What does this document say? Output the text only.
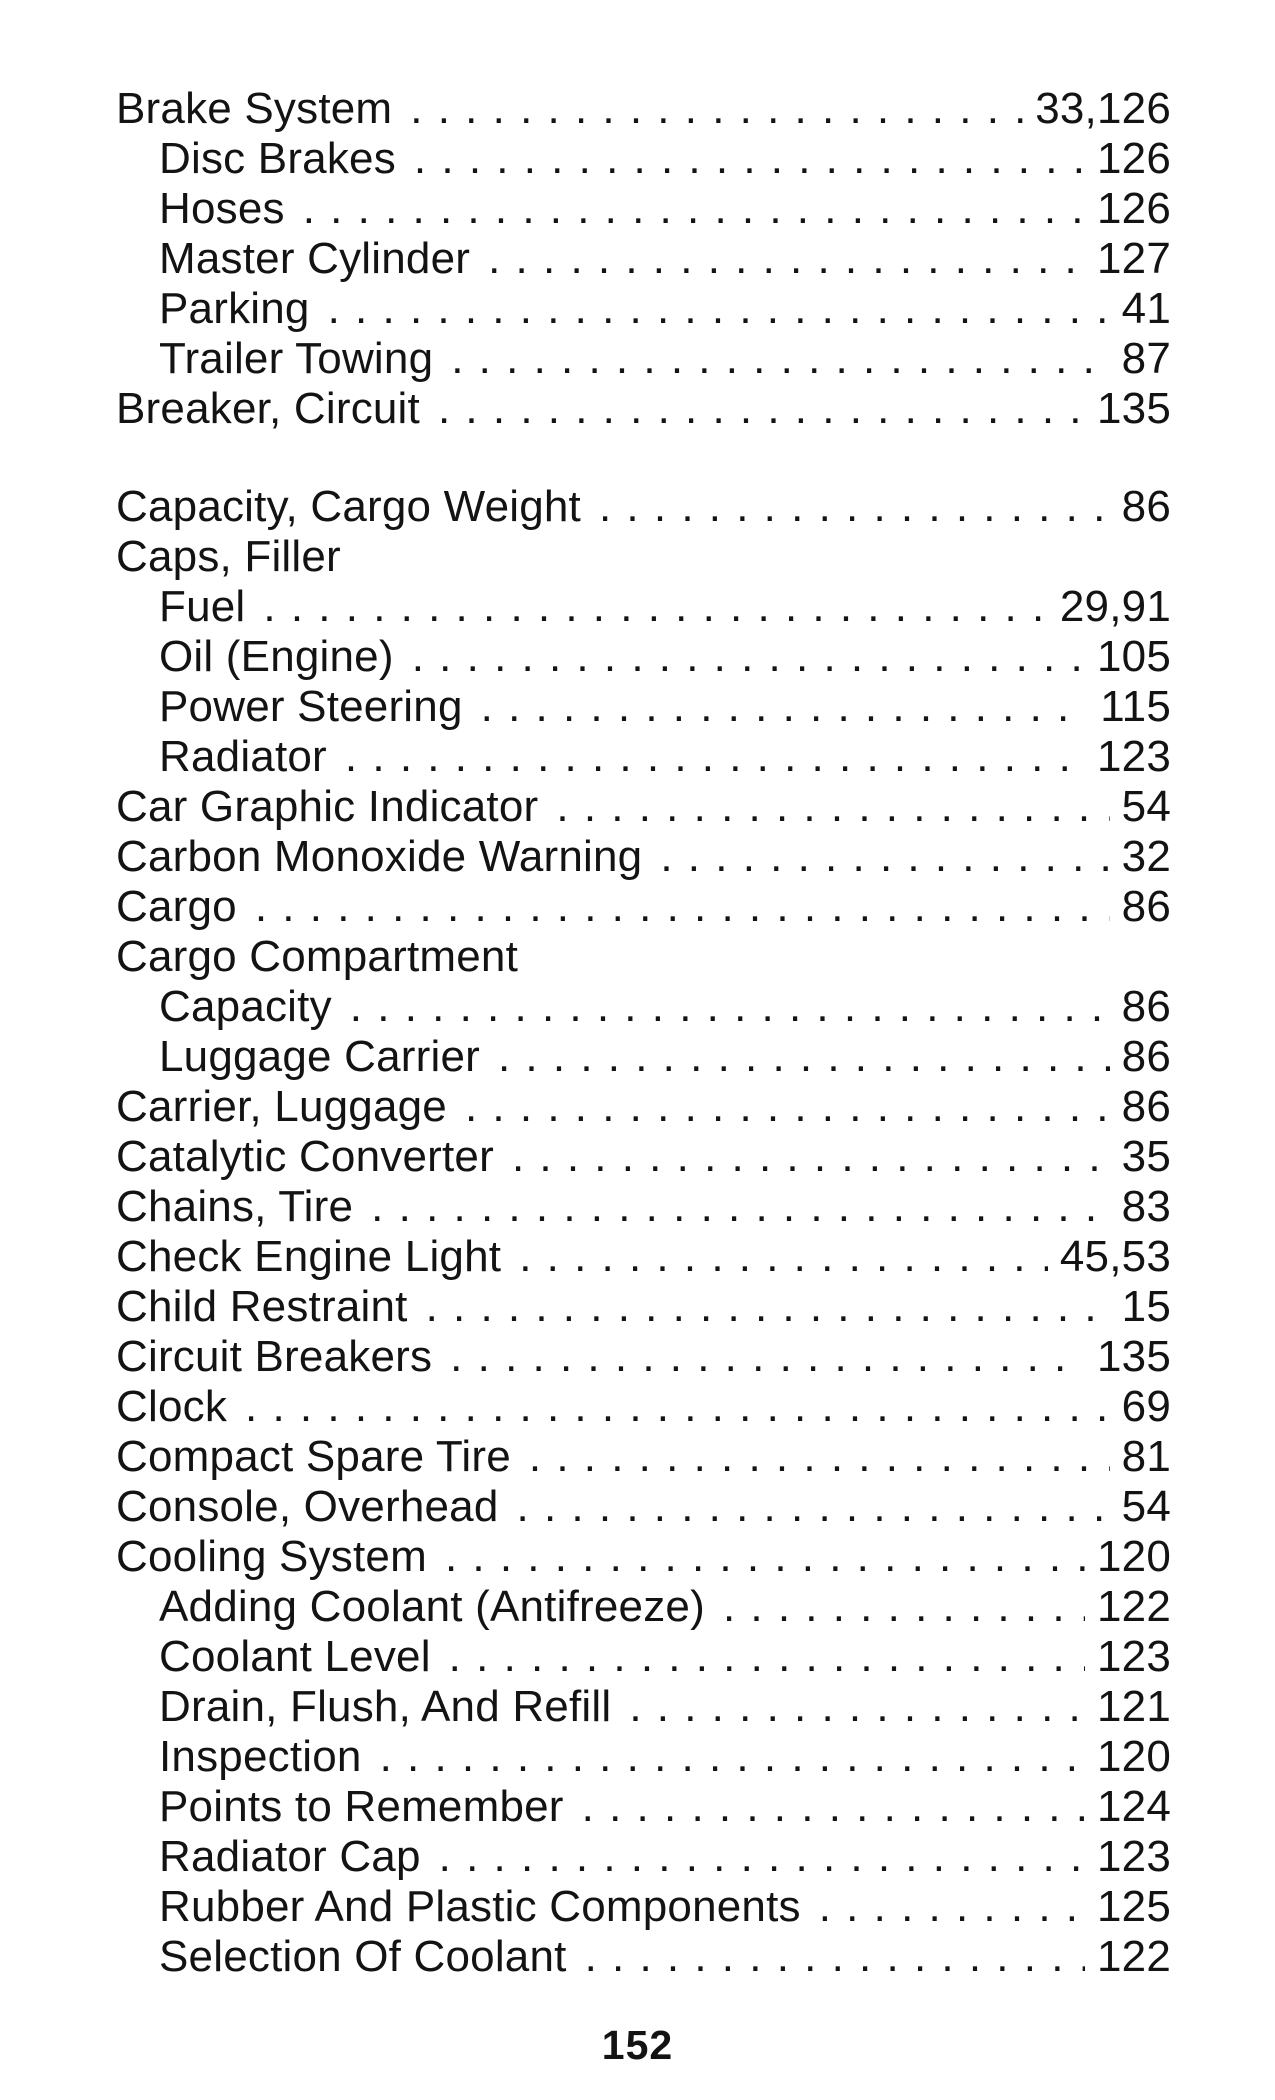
Brake System . . .	33,126
Disc Brakes . . .	126
Hoses . . .	126
Master Cylinder . . .	127
Parking . . .	41
Trailer Towing . . .	87
Breaker, Circuit . . .	135
Capacity, Cargo Weight . . .	86
Caps, Filler
Fuel . . .	29,91
Oil (Engine) . . .	105
Power Steering . . .	115
Radiator . . .	123
Car Graphic Indicator . . .	54
Carbon Monoxide Warning . . .	32
Cargo . . .	86
Cargo Compartment
Capacity . . .	86
Luggage Carrier . . .	86
Carrier, Luggage . . .	86
Catalytic Converter . . .	35
Chains, Tire . . .	83
Check Engine Light . . .	45,53
Child Restraint . . .	15
Circuit Breakers . . .	135
Clock . . .	69
Compact Spare Tire . . .	81
Console, Overhead . . .	54
Cooling System . . .	120
Adding Coolant (Antifreeze) . . .	122
Coolant Level . . .	123
Drain, Flush, And Refill . . .	121
Inspection . . .	120
Points to Remember . . .	124
Radiator Cap . . .	123
Rubber And Plastic Components . . .	125
Selection Of Coolant . . .	122
152
